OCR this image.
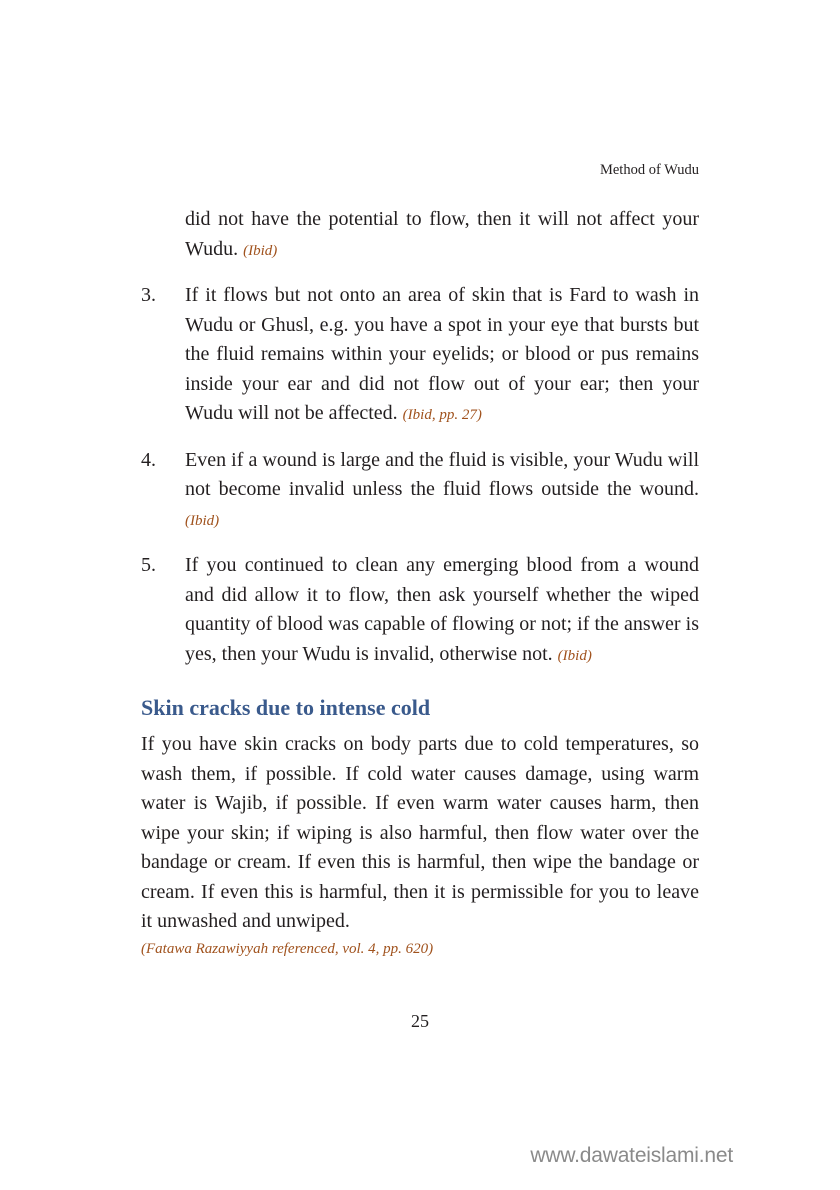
Method of Wudu

did not have the potential to flow, then it will not affect your Wudu. (Ibid)

3.	If it flows but not onto an area of skin that is Fard to wash in Wudu or Ghusl, e.g. you have a spot in your eye that bursts but the fluid remains within your eyelids; or blood or pus remains inside your ear and did not flow out of your ear; then your Wudu will not be affected. (Ibid, pp. 27)

4.	Even if a wound is large and the fluid is visible, your Wudu will not become invalid unless the fluid flows outside the wound. (Ibid)

5.	If you continued to clean any emerging blood from a wound and did allow it to flow, then ask yourself whether the wiped quantity of blood was capable of flowing or not; if the answer is yes, then your Wudu is invalid, otherwise not. (Ibid)

Skin cracks due to intense cold

If you have skin cracks on body parts due to cold temperatures, so wash them, if possible. If cold water causes damage, using warm water is Wajib, if possible. If even warm water causes harm, then wipe your skin; if wiping is also harmful, then flow water over the bandage or cream. If even this is harmful, then wipe the bandage or cream. If even this is harmful, then it is permissible for you to leave it unwashed and unwiped.

(Fatawa Razawiyyah referenced, vol. 4, pp. 620)
25
www.dawateislami.net
